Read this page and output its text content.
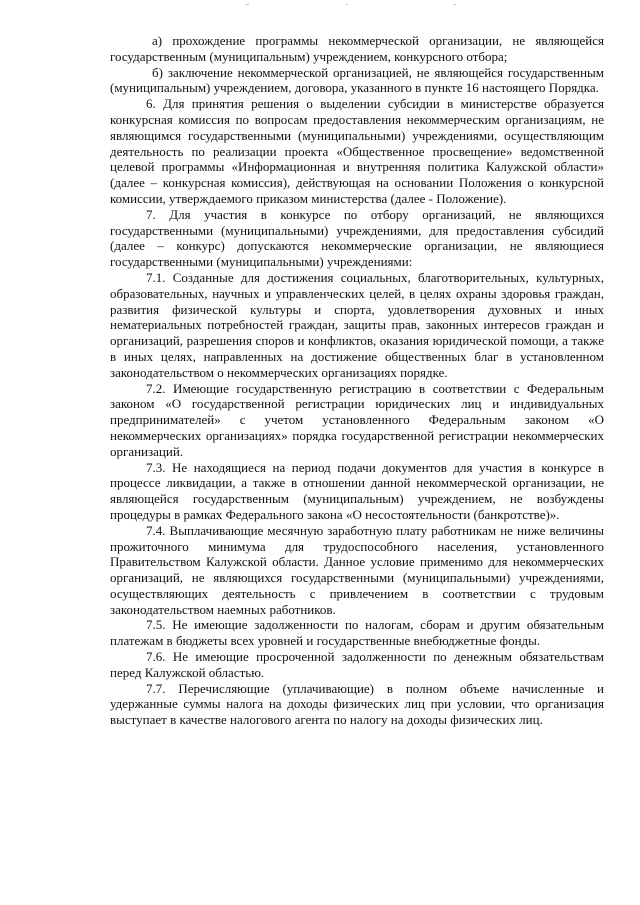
а) прохождение программы некоммерческой организации, не являющейся государственным (муниципальным) учреждением, конкурсного отбора;

б) заключение некоммерческой организацией, не являющейся государственным (муниципальным) учреждением, договора, указанного в пункте 16 настоящего Порядка.

6. Для принятия решения о выделении субсидии в министерстве образуется конкурсная комиссия по вопросам предоставления некоммерческим организациям, не являющимся государственными (муниципальными) учреждениями, осуществляющим деятельность по реализации проекта «Общественное просвещение» ведомственной целевой программы «Информационная и внутренняя политика Калужской области» (далее – конкурсная комиссия), действующая на основании Положения о конкурсной комиссии, утверждаемого приказом министерства (далее - Положение).

7. Для участия в конкурсе по отбору организаций, не являющихся государственными (муниципальными) учреждениями, для предоставления субсидий (далее – конкурс) допускаются некоммерческие организации, не являющиеся государственными (муниципальными) учреждениями:

7.1. Созданные для достижения социальных, благотворительных, культурных, образовательных, научных и управленческих целей, в целях охраны здоровья граждан, развития физической культуры и спорта, удовлетворения духовных и иных нематериальных потребностей граждан, защиты прав, законных интересов граждан и организаций, разрешения споров и конфликтов, оказания юридической помощи, а также в иных целях, направленных на достижение общественных благ в установленном законодательством о некоммерческих организациях порядке.

7.2. Имеющие государственную регистрацию в соответствии с Федеральным законом «О государственной регистрации юридических лиц и индивидуальных предпринимателей» с учетом установленного Федеральным законом «О некоммерческих организациях» порядка государственной регистрации некоммерческих организаций.

7.3. Не находящиеся на период подачи документов для участия в конкурсе в процессе ликвидации, а также в отношении данной некоммерческой организации, не являющейся государственным (муниципальным) учреждением, не возбуждены процедуры в рамках Федерального закона «О несостоятельности (банкротстве)».

7.4. Выплачивающие месячную заработную плату работникам не ниже величины прожиточного минимума для трудоспособного населения, установленного Правительством Калужской области. Данное условие применимо для некоммерческих организаций, не являющихся государственными (муниципальными) учреждениями, осуществляющих деятельность с привлечением в соответствии с трудовым законодательством наемных работников.

7.5. Не имеющие задолженности по налогам, сборам и другим обязательным платежам в бюджеты всех уровней и государственные внебюджетные фонды.

7.6. Не имеющие просроченной задолженности по денежным обязательствам перед Калужской областью.

7.7. Перечисляющие (уплачивающие) в полном объеме начисленные и удержанные суммы налога на доходы физических лиц при условии, что организация выступает в качестве налогового агента по налогу на доходы физических лиц.
